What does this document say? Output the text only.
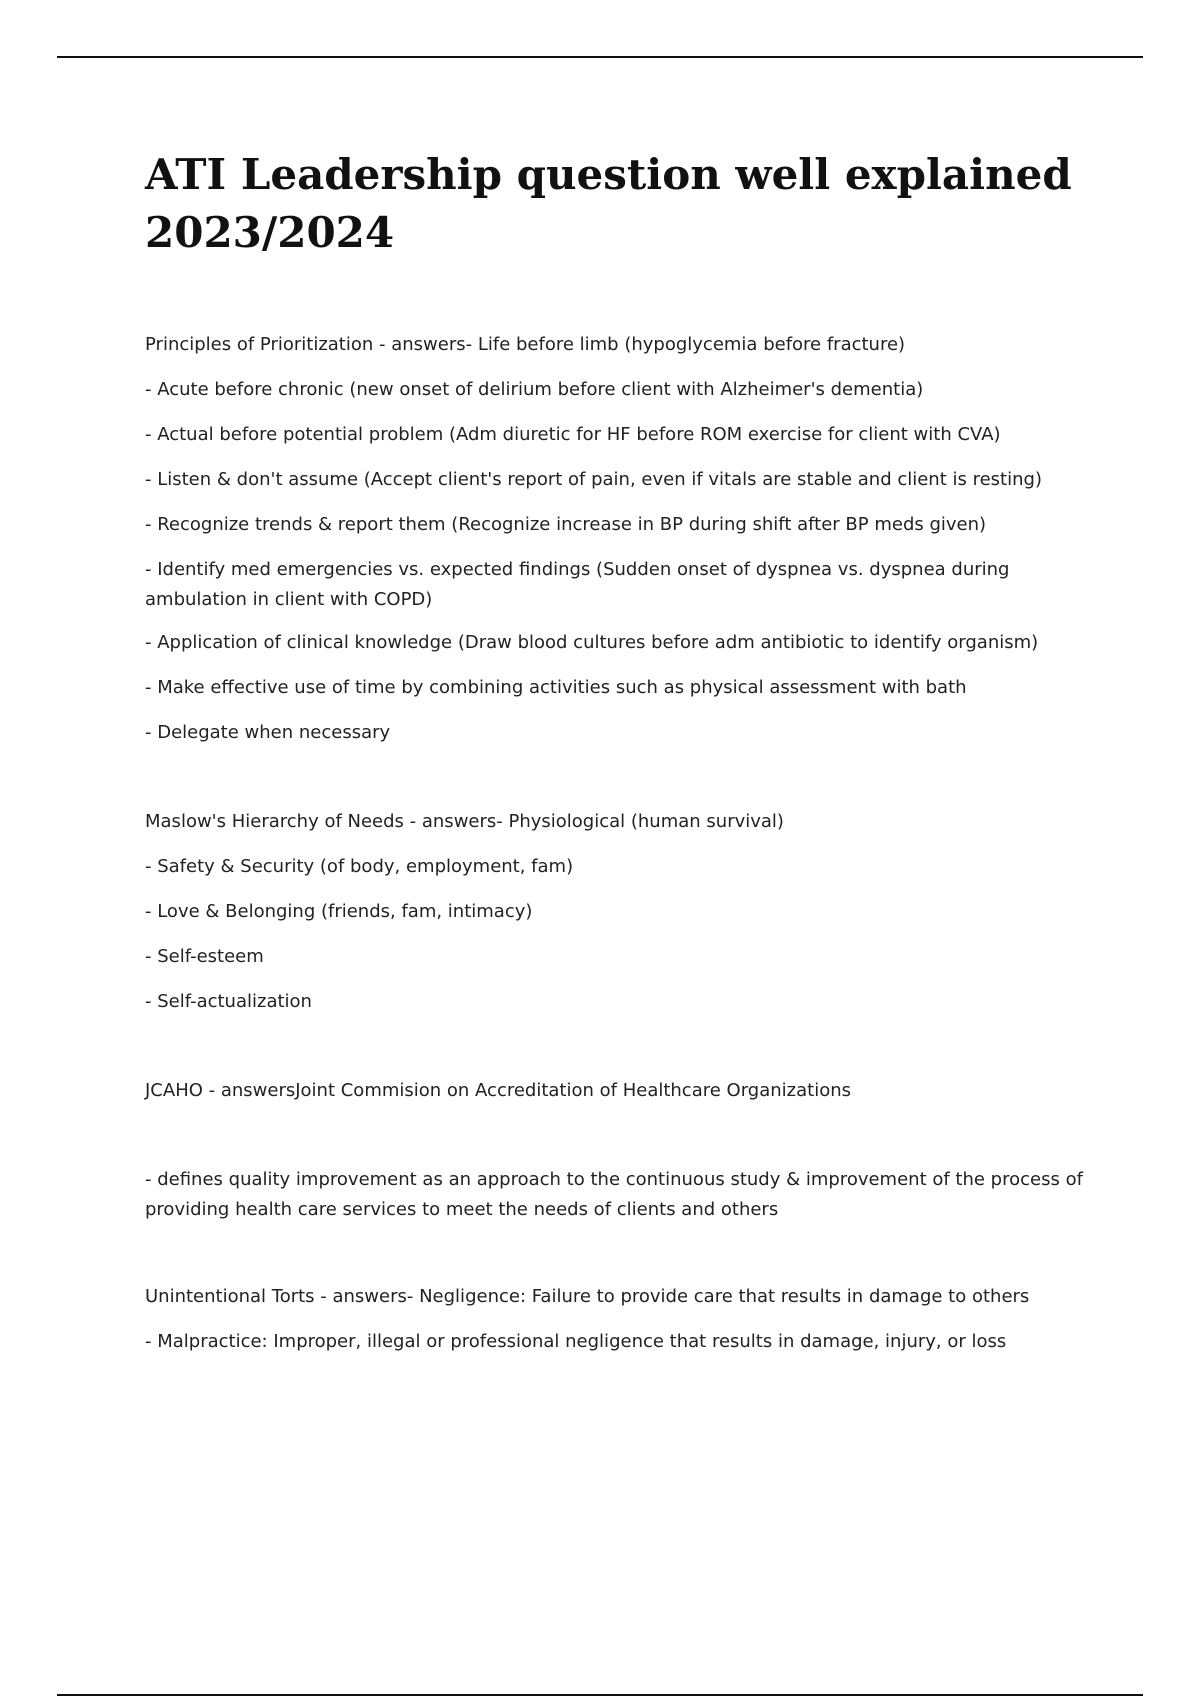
ATI Leadership question well explained 2023/2024

Principles of Prioritization - answers- Life before limb (hypoglycemia before fracture)

- Acute before chronic (new onset of delirium before client with Alzheimer's dementia)

- Actual before potential problem (Adm diuretic for HF before ROM exercise for client with CVA)

- Listen & don't assume (Accept client's report of pain, even if vitals are stable and client is resting)

- Recognize trends & report them (Recognize increase in BP during shift after BP meds given)

- Identify med emergencies vs. expected findings (Sudden onset of dyspnea vs. dyspnea during ambulation in client with COPD)

- Application of clinical knowledge (Draw blood cultures before adm antibiotic to identify organism)

- Make effective use of time by combining activities such as physical assessment with bath

- Delegate when necessary

Maslow's Hierarchy of Needs - answers- Physiological (human survival)

- Safety & Security (of body, employment, fam)

- Love & Belonging (friends, fam, intimacy)

- Self-esteem

- Self-actualization

JCAHO - answersJoint Commision on Accreditation of Healthcare Organizations

- defines quality improvement as an approach to the continuous study & improvement of the process of providing health care services to meet the needs of clients and others

Unintentional Torts - answers- Negligence: Failure to provide care that results in damage to others

- Malpractice: Improper, illegal or professional negligence that results in damage, injury, or loss
